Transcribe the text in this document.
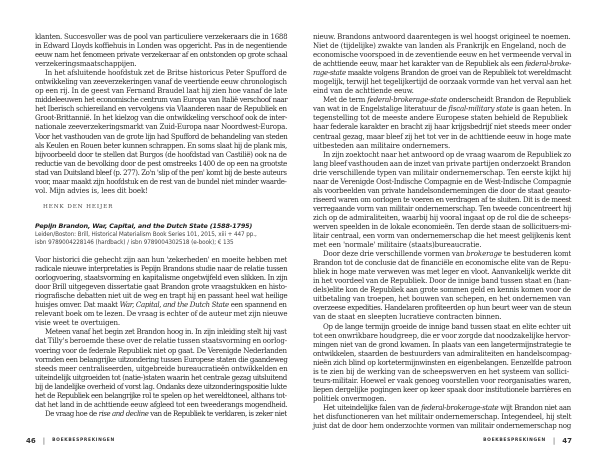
klanten. Succesvoller was de pool van particuliere verzekeraars die in 1688
in Edward Lloyds koffiehuis in Londen was opgericht. Pas in de negentiende
eeuw nam het fenomeen private verzekeraar af en ontstonden op grote schaal
verzekeringsmaatschappijen.
In het afsluitende hoofdstuk zet de Britse historicus Peter Spufford de
ontwikkeling van zeeverzekeringen vanaf de veertiende eeuw chronologisch
op een rij. In de geest van Fernand Braudel laat hij zien hoe vanaf de late
middeleeuwen het economische centrum van Europa van Italië verschoof naar
het Iberisch schiereiland en vervolgens via Vlaanderen naar de Republiek en
Groot-Brittannië. In het kielzog van die ontwikkeling verschoof ook de inter-
nationale zeeverzekeringsmarkt van Zuid-Europa naar Noordwest-Europa.
Voor het vasthouden van de grote lijn had Spufford de behandeling van steden
als Keulen en Rouen beter kunnen schrappen. En soms slaat hij de plank mis,
bijvoorbeeld door te stellen dat Burgos (de hoofdstad van Castilië) ook na de
reductie van de bevolking door de pest omstreeks 1400 de op een na grootste
stad van Duitsland bleef (p. 277). Zo'n 'slip of the pen' komt bij de beste auteurs
voor, maar maakt zijn hoofdstuk en de rest van de bundel niet minder waarde-
vol. Mijn advies is, lees dit boek!
HENK DEN HEIJER
Pepijn Brandon, War, Capital, and the Dutch State (1588-1795)
Leiden/Boston: Brill, Historical Materialism Book Series 101, 2015, xiii + 447 pp.,
isbn 9789004228146 (hardback) / isbn 9789004302518 (e-book); € 135
Voor historici die gehecht zijn aan hun 'zekerheden' en moeite hebben met
radicale nieuwe interpretaties is Pepijn Brandons studie naar de relatie tussen
oorlogvoering, staatsvorming en kapitalisme ongetwijfeld even slikken. In zijn
door Brill uitgegeven dissertatie gaat Brandon grote vraagstukken en histo-
riografische debatten niet uit de weg en trapt hij en passant heel wat heilige
huisjes omver. Dat maakt War, Capital, and the Dutch State een spannend en
relevant boek om te lezen. De vraag is echter of de auteur met zijn nieuwe
visie weet te overtuigen.
Meteen vanaf het begin zet Brandon hoog in. In zijn inleiding stelt hij vast
dat Tilly's beroemde these over de relatie tussen staatsvorming en oorlog-
voering voor de federale Republiek niet op gaat. De Verenigde Nederlanden
vormden een belangrijke uitzondering tussen Europese staten die gaandeweg
steeds meer centraliseerden, uitgebreide bureaucratieën ontwikkelden en
uiteindelijk uitgroeiden tot (natie-)staten waarin het centrale gezag uitsluitend
bij de landelijke overheid of vorst lag. Ondanks deze uitzonderingspositie lukte
het de Republiek een belangrijke rol te spelen op het wereldtoneel, althans tot-
dat het land in de achttiende eeuw afgleed tot een tweederangs mogendheid.
De vraag hoe de rise and decline van de Republiek te verklaren, is zeker niet
46 | BOEKBESPREKINGEN
nieuw. Brandons antwoord daarentegen is wel hoogst origineel te noemen.
Niet de (tijdelijke) zwakte van landen als Frankrijk en Engeland, noch de
economische voorspoed in de zeventiende eeuw en het vermeende verval in
de achttiende eeuw, maar het karakter van de Republiek als een federal-broke-
rage-state maakte volgens Brandon de groei van de Republiek tot wereldmacht
mogelijk, terwijl het tegelijkertijd de oorzaak vormde van het verval aan het
eind van de achttiende eeuw.
Met de term federal-brokerage-state onderscheidt Brandon de Republiek
van wat in de Engelstalige literatuur de fiscal-military state is gaan heten. In
tegenstelling tot de meeste andere Europese staten behield de Republiek
haar federale karakter en bracht zij haar krijgsbedrijf niet steeds meer onder
centraal gezag, maar bleef zij het tot ver in de achttiende eeuw in hoge mate
uitbesteden aan militaire ondernemers.
In zijn zoektocht naar het antwoord op de vraag waarom de Republiek zo
lang bleef vasthouden aan de inzet van private partijen onderzoekt Brandon
drie verschillende typen van militair ondernemerschap. Ten eerste kijkt hij
naar de Verenigde Oost-Indische Compagnie en de West-Indische Compagnie
als voorbeelden van private handelsondernemingen die door de staat geauto-
riseerd waren om oorlogen te voeren en verdragen af te sluiten. Dit is de meest
verregaande vorm van militair ondernemerschap. Ten tweede concentreert hij
zich op de admiraliteiten, waarbij hij vooral ingaat op de rol die de scheeps-
werven speelden in de lokale economieën. Ten derde staan de sollicituers-mi-
litair centraal, een vorm van ondernemerschap die het meest gelijkenis kent
met een 'normale' militaire (staats)bureaucratie.
Door deze drie verschillende vormen van brokerage te bestuderen komt
Brandon tot de conclusie dat de financiële en economische elite van de Repu-
bliek in hoge mate verweven was met leger en vloot. Aanvankelijk werkte dit
in het voordeel van de Republiek. Door de innige band tussen staat en (han-
dels)elite kon de Republiek aan grote sommen geld en kennis komen voor de
uitbetaling van troepen, het bouwen van schepen, en het ondernemen van
overzeese expedities. Handelaren profiteerden op hun beurt weer van de steun
van de staat en sleepten lucratieve contracten binnen.
Op de lange termijn groeide de innige band tussen staat en elite echter uit
tot een onwrikbare houdgreep, die er voor zorgde dat noodzakelijke hervor-
mingen niet van de grond kwamen. In plaats van een langetermijnstrategie te
ontwikkelen, staarden de bestuurders van admiraliteiten en handelscompag-
nieën zich blind op kortetermijnwinsten en eigenbelangen. Eenzelfde patroon
is te zien bij de werking van de scheepswerven en het systeem van sollici-
teurs-militair. Hoewel er vaak genoeg voorstellen voor reorganisaties waren,
liepen dergelijke pogingen keer op keer spaak door institutionele barrières en
politiek onvermogen.
Het uiteindelijke falen van de federal-brokerage-state wijt Brandon niet aan
het disfunctioneren van het militair ondernemerschap. Integendeel, hij stelt
juist dat de door hem onderzochte vormen van militair ondernemerschap nog
BOEKBESPREKINGEN | 47
